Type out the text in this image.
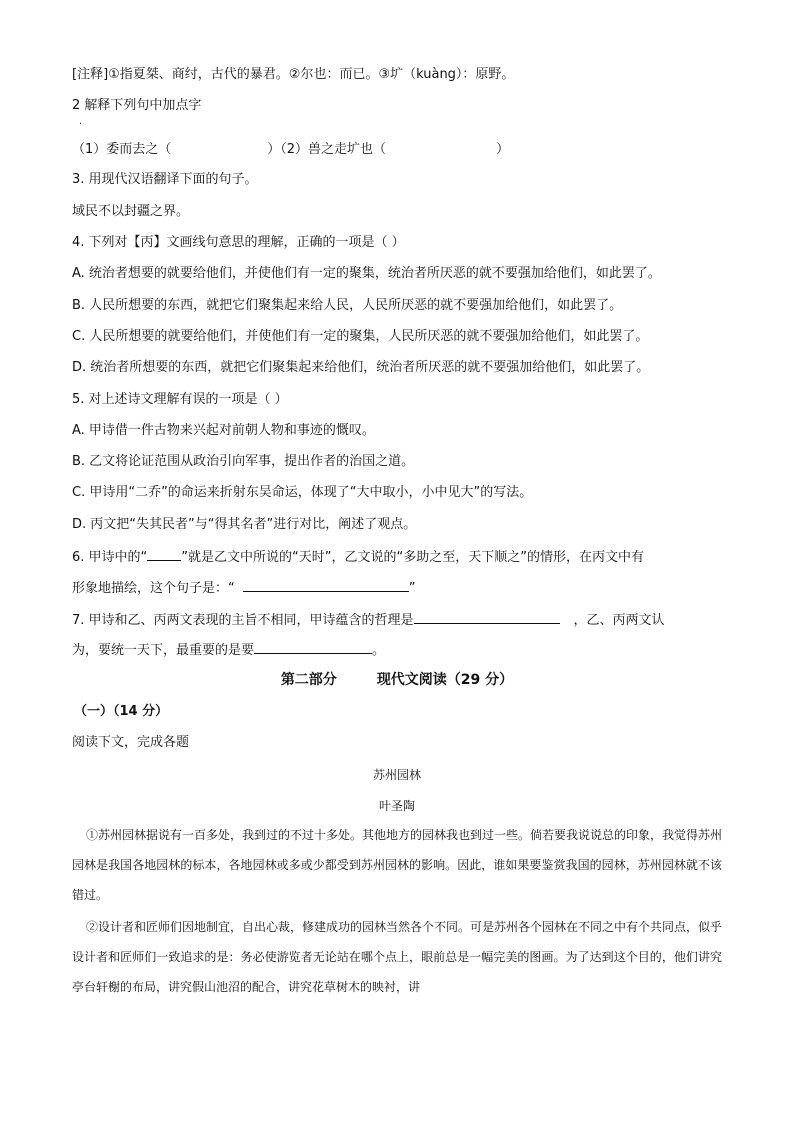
[注释]①指夏桀、商纣，古代的暴君。②尔也：而已。③圹（kuàng）：原野。
2 解释下列句中加点字
·
（1）委而去之（	）（2）兽之走圹也（	）
3. 用现代汉语翻译下面的句子。
域民不以封疆之界。
4. 下列对【丙】文画线句意思的理解，正确的一项是（ ）
A. 统治者想要的就要给他们，并使他们有一定的聚集，统治者所厌恶的就不要强加给他们，如此罢了。
B. 人民所想要的东西，就把它们聚集起来给人民，人民所厌恶的就不要强加给他们，如此罢了。
C. 人民所想要的就要给他们，并使他们有一定的聚集，人民所厌恶的就不要强加给他们，如此罢了。
D. 统治者所想要的东西，就把它们聚集起来给他们，统治者所厌恶的就不要强加给他们，如此罢了。
5. 对上述诗文理解有误的一项是（ ）
A. 甲诗借一件古物来兴起对前朝人物和事迹的慨叹。
B. 乙文将论证范围从政治引向军事，提出作者的治国之道。
C. 甲诗用“二乔”的命运来折射东吴命运，体现了“大中取小，小中见大”的写法。
D. 丙文把“失其民者”与“得其名者”进行对比，阐述了观点。
6. 甲诗中的“	”就是乙文中所说的“天时”，乙文说的“多助之至，天下顺之”的情形，在丙文中有
形象地描绘，这个句子是：“	”
7. 甲诗和乙、丙两文表现的主旨不相同，甲诗蕴含的哲理是	，乙、丙两文认
为，要统一天下，最重要的是要	。
第二部分	现代文阅读（29 分）
（一）（14 分）
阅读下文，完成各题
苏州园林
叶圣陶
①苏州园林据说有一百多处，我到过的不过十多处。其他地方的园林我也到过一些。倘若要我说说总的印象，我觉得苏州园林是我国各地园林的标本，各地园林或多或少都受到苏州园林的影响。因此，谁如果要鉴赏我国的园林，苏州园林就不该错过。
②设计者和匠师们因地制宜，自出心裁，修建成功的园林当然各个不同。可是苏州各个园林在不同之中有个共同点，似乎设计者和匠师们一致追求的是：务必使游览者无论站在哪个点上，眼前总是一幅完美的图画。为了达到这个目的，他们讲究亭台轩榭的布局，讲究假山池沼的配合，讲究花草树木的映衬，讲
